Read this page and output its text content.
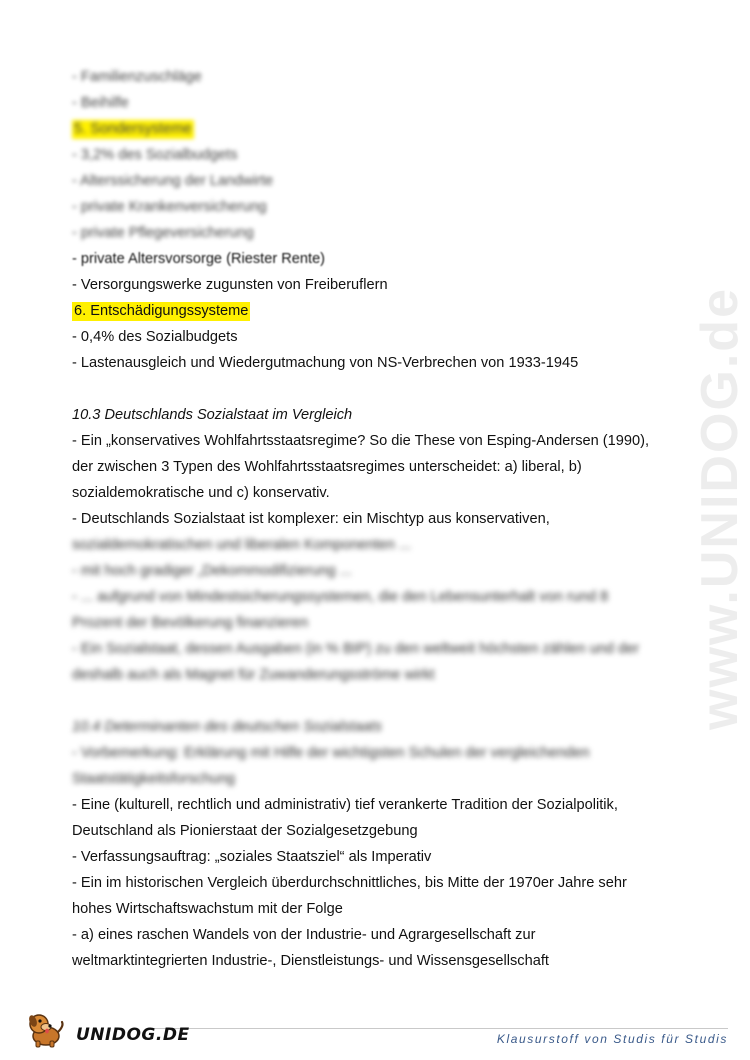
www.UNIDOG.de
- Familienzuschläge
- Beihilfe
5. Sondersysteme
- 3,2% des Sozialbudgets
- Alterssicherung der Landwirte
- private Krankenversicherung
- private Pflegeversicherung
- private Altersvorsorge (Riester Rente)
- Versorgungswerke zugunsten von Freiberuflern
6. Entschädigungssysteme
- 0,4% des Sozialbudgets
- Lastenausgleich und Wiedergutmachung von NS-Verbrechen von 1933-1945
10.3 Deutschlands Sozialstaat im Vergleich
- Ein „konservatives Wohlfahrtsstaatsregime? So die These von Esping-Andersen (1990),
der zwischen 3 Typen des Wohlfahrtsstaatsregimes unterscheidet: a) liberal, b)
sozialdemokratische und c) konservativ.
- Deutschlands Sozialstaat ist komplexer: ein Mischtyp aus konservativen,
sozialdemokratischen und liberalen Komponenten ...
- mit hoch gradiger „Dekommodifizierung ...
- ... aufgrund von Mindestsicherungssystemen, die den Lebensunterhalt von rund 8
Prozent der Bevölkerung finanzieren
- Ein Sozialstaat, dessen Ausgaben (in % BIP) zu den weltweit höchsten zählen und der
deshalb auch als Magnet für Zuwanderungsströme wirkt
10.4 Determinanten des deutschen Sozialstaats
- Vorbemerkung: Erklärung mit Hilfe der wichtigsten Schulen der vergleichenden
Staatstätigkeitsforschung
- Eine (kulturell, rechtlich und administrativ) tief verankerte Tradition der Sozialpolitik,
Deutschland als Pionierstaat der Sozialgesetzgebung
- Verfassungsauftrag: „soziales Staatsziel“ als Imperativ
- Ein im historischen Vergleich überdurchschnittliches, bis Mitte der 1970er Jahre sehr
hohes Wirtschaftswachstum mit der Folge
- a) eines raschen Wandels von der Industrie- und Agrargesellschaft zur
weltmarktintegrierten Industrie-, Dienstleistungs- und Wissensgesellschaft
UNIDOG.DE	Klausurstoff von Studis für Studis
